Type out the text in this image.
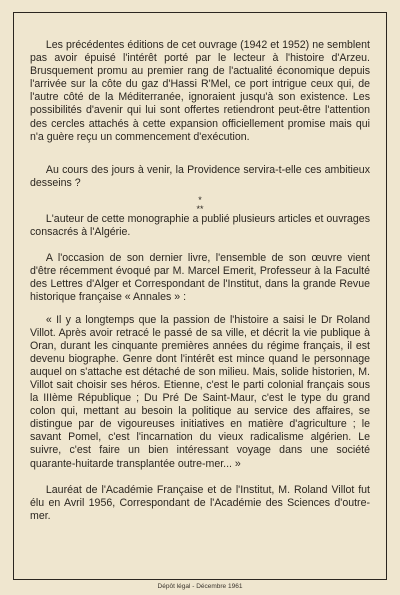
Les précédentes éditions de cet ouvrage (1942 et 1952) ne semblent pas avoir épuisé l'intérêt porté par le lecteur à l'histoire d'Arzeu. Brusquement promu au premier rang de l'actualité économique depuis l'arrivée sur la côte du gaz d'Hassi R'Mel, ce port intrigue ceux qui, de l'autre côté de la Méditerranée, ignoraient jusqu'à son existence. Les possibilités d'avenir qui lui sont offertes retiendront peut-être l'attention des cercles attachés à cette expansion officiellement promise mais qui n'a guère reçu un commencement d'exécution.

Au cours des jours à venir, la Providence servira-t-elle ces ambitieux desseins ?

*
**

L'auteur de cette monographie a publié plusieurs articles et ouvrages consacrés à l'Algérie.

A l'occasion de son dernier livre, l'ensemble de son œuvre vient d'être récemment évoqué par M. Marcel Emerit, Professeur à la Faculté des Lettres d'Alger et Correspondant de l'Institut, dans la grande Revue historique française « Annales » :

« Il y a longtemps que la passion de l'histoire a saisi le Dr Roland Villot. Après avoir retracé le passé de sa ville, et décrit la vie publique à Oran, durant les cinquante premières années du régime français, il est devenu biographe. Genre dont l'intérêt est mince quand le personnage auquel on s'attache est détaché de son milieu. Mais, solide historien, M. Villot sait choisir ses héros. Etienne, c'est le parti colonial français sous la IIIème République ; Du Pré De Saint-Maur, c'est le type du grand colon qui, mettant au besoin la politique au service des affaires, se distingue par de vigoureuses initiatives en matière d'agriculture ; le savant Pomel, c'est l'incarnation du vieux radicalisme algérien. Le suivre, c'est faire un bien intéressant voyage dans une société quarante-huitarde transplantée outre-mer... »

Lauréat de l'Académie Française et de l'Institut, M. Roland Villot fut élu en Avril 1956, Correspondant de l'Académie des Sciences d'outre-mer.

Dépôt légal - Décembre 1961
